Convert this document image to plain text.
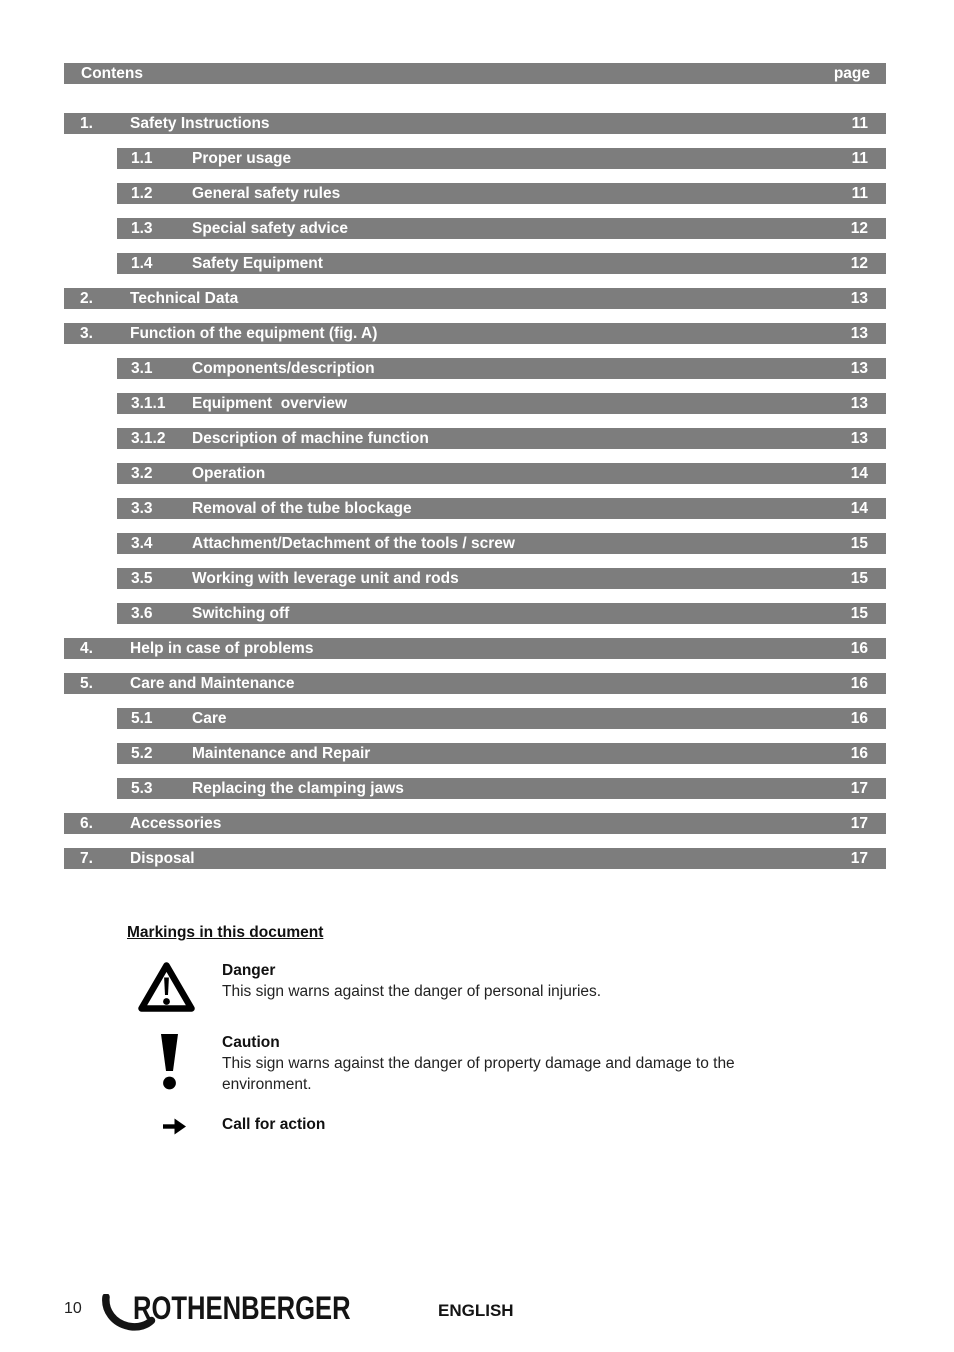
Contens	page
1.	Safety Instructions	11
1.1	Proper usage	11
1.2	General safety rules	11
1.3	Special safety advice	12
1.4	Safety Equipment	12
2.	Technical Data	13
3.	Function of the equipment (fig. A)	13
3.1	Components/description	13
3.1.1	Equipment  overview	13
3.1.2	Description of machine function	13
3.2	Operation	14
3.3	Removal of the tube blockage	14
3.4	Attachment/Detachment of the tools / screw	15
3.5	Working with leverage unit and rods	15
3.6	Switching off	15
4.	Help in case of problems	16
5.	Care and Maintenance	16
5.1	Care	16
5.2	Maintenance and Repair	16
5.3	Replacing the clamping jaws	17
6.	Accessories	17
7.	Disposal	17
Markings in this document
Danger
This sign warns against the danger of personal injuries.
Caution
This sign warns against the danger of property damage and damage to the environment.
Call for action
10 ROTHENBERGER	ENGLISH
